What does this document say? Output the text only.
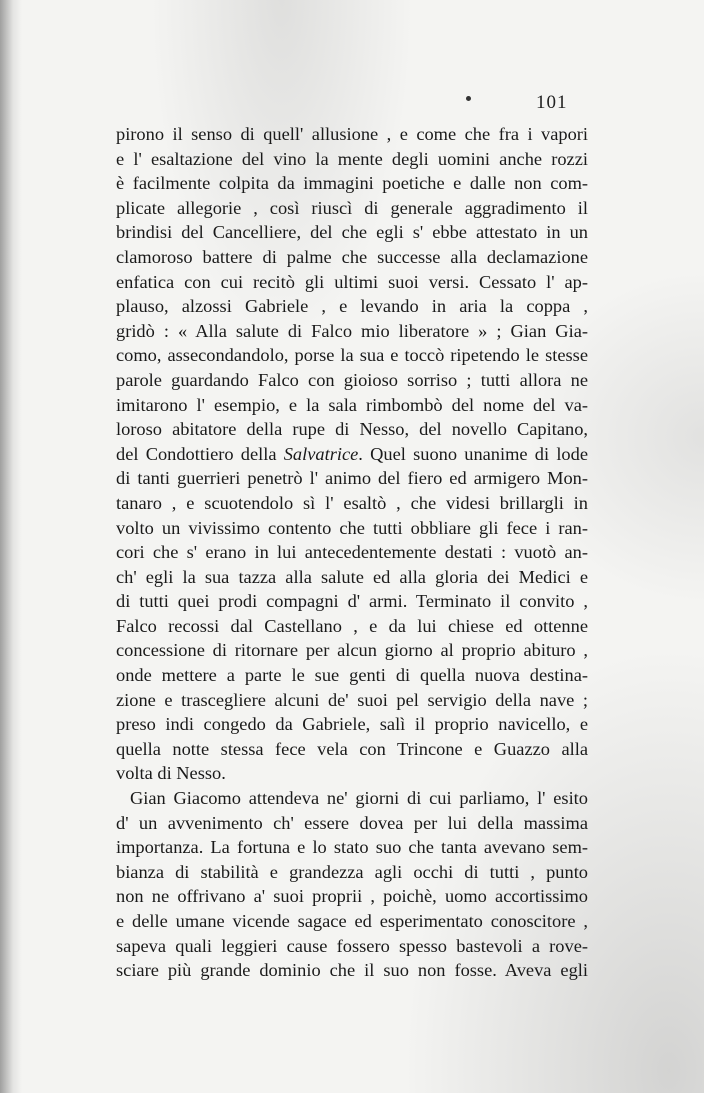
101
pirono il senso di quell' allusione , e come che fra i vapori
e l' esaltazione del vino la mente degli uomini anche rozzi
è facilmente colpita da immagini poetiche e dalle non com-
plicate allegorie , così riuscì di generale aggradimento il
brindisi del Cancelliere, del che egli s' ebbe attestato in un
clamoroso battere di palme che successe alla declamazione
enfatica con cui recitò gli ultimi suoi versi. Cessato l' ap-
plauso, alzossi Gabriele , e levando in aria la coppa ,
gridò : « Alla salute di Falco mio liberatore » ; Gian Gia-
como, assecondandolo, porse la sua e toccò ripetendo le stesse
parole guardando Falco con gioioso sorriso ; tutti allora ne
imitarono l' esempio, e la sala rimbombò del nome del va-
loroso abitatore della rupe di Nesso, del novello Capitano,
del Condottiero della Salvatrice. Quel suono unanime di lode
di tanti guerrieri penetrò l' animo del fiero ed armigero Mon-
tanaro , e scuotendolo sì l' esaltò , che videsi brillargli in
volto un vivissimo contento che tutti obbliare gli fece i ran-
cori che s' erano in lui antecedentemente destati : vuotò an-
ch' egli la sua tazza alla salute ed alla gloria dei Medici e
di tutti quei prodi compagni d' armi. Terminato il convito ,
Falco recossi dal Castellano , e da lui chiese ed ottenne
concessione di ritornare per alcun giorno al proprio abituro ,
onde mettere a parte le sue genti di quella nuova destina-
zione e trascegliere alcuni de' suoi pel servigio della nave ;
preso indi congedo da Gabriele, salì il proprio navicello, e
quella notte stessa fece vela con Trincone e Guazzo alla
volta di Nesso.
Gian Giacomo attendeva ne' giorni di cui parliamo, l' esito
d' un avvenimento ch' essere dovea per lui della massima
importanza. La fortuna e lo stato suo che tanta avevano sem-
bianza di stabilità e grandezza agli occhi di tutti , punto
non ne offrivano a' suoi proprii , poichè, uomo accortissimo
e delle umane vicende sagace ed esperimentato conoscitore ,
sapeva quali leggieri cause fossero spesso bastevoli a rove-
sciare più grande dominio che il suo non fosse. Aveva egli
